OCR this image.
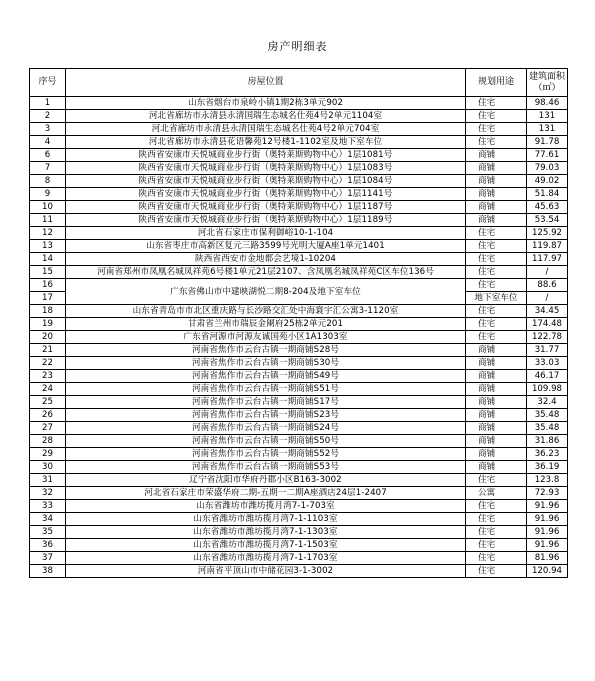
房产明细表
序号	房屋位置	规划用途	建筑面积
（㎡）

1	山东省烟台市泉岭小镇1期2栋3单元902	住宅	98.46
2	河北省廊坊市永清县永清国瑞生态城名仕苑4号2单元1104室	住宅	131
3	河北省廊坊市永清县永清国瑞生态城名仕苑4号2单元704室	住宅	131
4	河北省廊坊市永清县花语馨苑12号楼1-1102室及地下室车位	住宅	91.78
6	陕西省安康市天悦城商业步行街（奥特莱斯购物中心）1层1081号	商铺	77.61
7	陕西省安康市天悦城商业步行街（奥特莱斯购物中心）1层1083号	商铺	79.03
8	陕西省安康市天悦城商业步行街（奥特莱斯购物中心）1层1084号	商铺	49.02
9	陕西省安康市天悦城商业步行街（奥特莱斯购物中心）1层1141号	商铺	51.84
10	陕西省安康市天悦城商业步行街（奥特莱斯购物中心）1层1187号	商铺	45.63
11	陕西省安康市天悦城商业步行街（奥特莱斯购物中心）1层1189号	商铺	53.54
12	河北省石家庄市保利御峪10-1-104	住宅	125.92
13	山东省枣庄市高新区复元三路3599号光明大厦A座1单元1401	住宅	119.87
14	陕西省西安市金地都会艺境1-10204	住宅	117.97
15	河南省郑州市凤凰名城凤祥苑6号楼1单元21层2107、含凤凰名城凤祥苑C区车位136号	住宅	/
16	广东省佛山市中建映湖悦二期8-204及地下室车位	住宅	88.6
17		地下室车位	/
18	山东省青岛市市北区重庆路与长沙路交汇处中海寰宇汇公寓3-1120室	住宅	34.45
19	甘肃省兰州市瑞辰金阑府25栋2单元201	住宅	174.48
20	广东省河源市河源友诚国苑小区1A1303室	住宅	122.78
21	河南省焦作市云台古镇一期商铺S28号	商铺	31.77
22	河南省焦作市云台古镇一期商铺S30号	商铺	33.03
23	河南省焦作市云台古镇一期商铺S49号	商铺	46.17
24	河南省焦作市云台古镇一期商铺S51号	商铺	109.98
25	河南省焦作市云台古镇一期商铺S17号	商铺	32.4
26	河南省焦作市云台古镇一期商铺S23号	商铺	35.48
27	河南省焦作市云台古镇一期商铺S24号	商铺	35.48
28	河南省焦作市云台古镇一期商铺S50号	商铺	31.86
29	河南省焦作市云台古镇一期商铺S52号	商铺	36.23
30	河南省焦作市云台古镇一期商铺S53号	商铺	36.19
31	辽宁省沈阳市华府丹郡小区B163-3002	住宅	123.8
32	河北省石家庄市荣盛华府二期-五期一二期A座酒店24层1-2407	公寓	72.93
33	山东省潍坊市潍坊揽月湾7-1-703室	住宅	91.96
34	山东省潍坊市潍坊揽月湾7-1-1103室	住宅	91.96
35	山东省潍坊市潍坊揽月湾7-1-1303室	住宅	91.96
36	山东省潍坊市潍坊揽月湾7-1-1503室	住宅	91.96
37	山东省潍坊市潍坊揽月湾7-1-1703室	住宅	81.96
38	河南省平顶山市中储花园3-1-3002	住宅	120.94
